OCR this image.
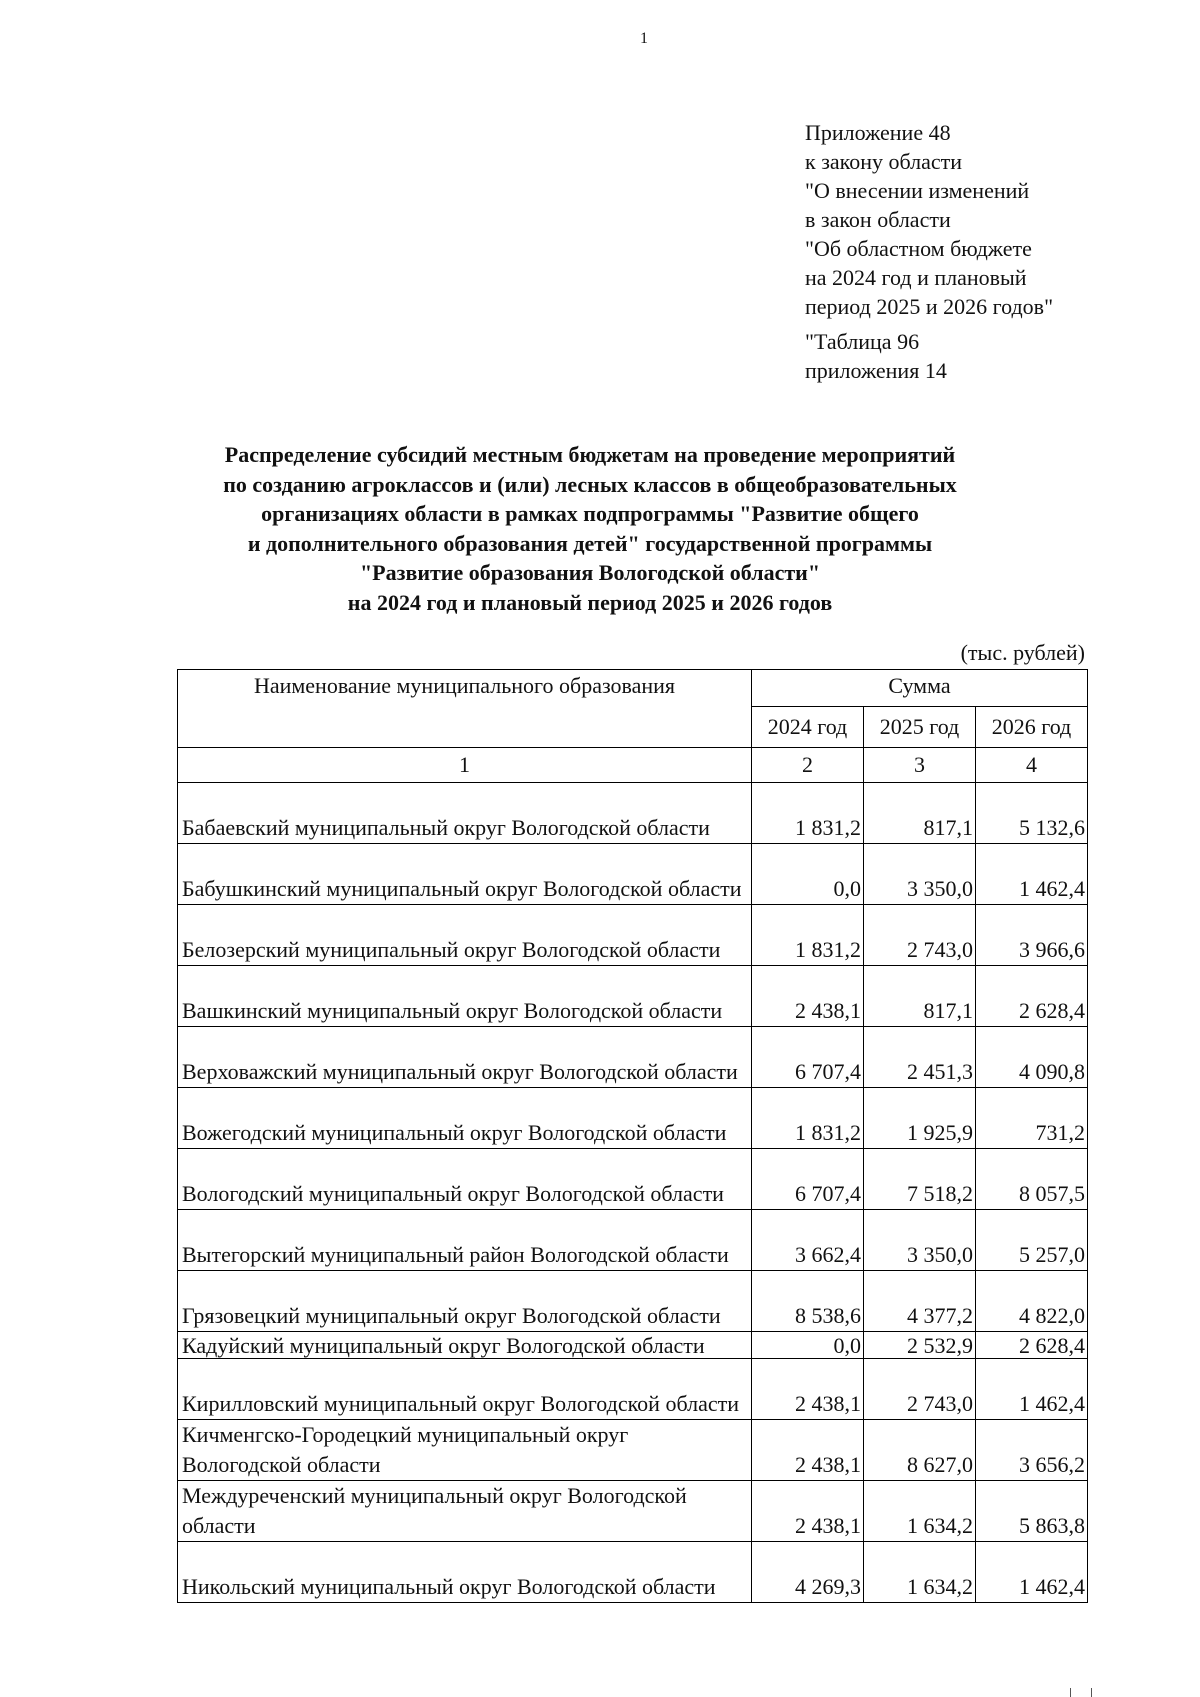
1
Приложение 48
к закону области
"О внесении изменений
в закон области
"Об областном бюджете
на 2024 год и плановый
период 2025 и 2026 годов"
"Таблица 96
приложения 14
Распределение субсидий местным бюджетам на проведение мероприятий
по созданию агроклассов и (или) лесных классов в общеобразовательных
организациях области в рамках подпрограммы "Развитие общего
и дополнительного образования детей" государственной программы
"Развитие образования Вологодской области"
на 2024 год и плановый период 2025 и 2026 годов
(тыс. рублей)
Наименование муниципального образования	Сумма		
	2024 год	2025 год	2026 год
1	2	3	4
Бабаевский муниципальный округ Вологодской области	1 831,2	817,1	5 132,6
Бабушкинский муниципальный округ Вологодской области	0,0	3 350,0	1 462,4
Белозерский муниципальный округ Вологодской области	1 831,2	2 743,0	3 966,6
Вашкинский муниципальный округ Вологодской области	2 438,1	817,1	2 628,4
Верховажский муниципальный округ Вологодской области	6 707,4	2 451,3	4 090,8
Вожегодский муниципальный округ Вологодской области	1 831,2	1 925,9	731,2
Вологодский муниципальный округ Вологодской области	6 707,4	7 518,2	8 057,5
Вытегорский муниципальный район Вологодской области	3 662,4	3 350,0	5 257,0
Грязовецкий муниципальный округ Вологодской области	8 538,6	4 377,2	4 822,0
Кадуйский муниципальный округ Вологодской области	0,0	2 532,9	2 628,4
Кирилловский муниципальный округ Вологодской области	2 438,1	2 743,0	1 462,4
Кичменгско-Городецкий муниципальный округ Вологодской области	2 438,1	8 627,0	3 656,2
Междуреченский муниципальный округ Вологодской области	2 438,1	1 634,2	5 863,8
Никольский муниципальный округ Вологодской области	4 269,3	1 634,2	1 462,4
